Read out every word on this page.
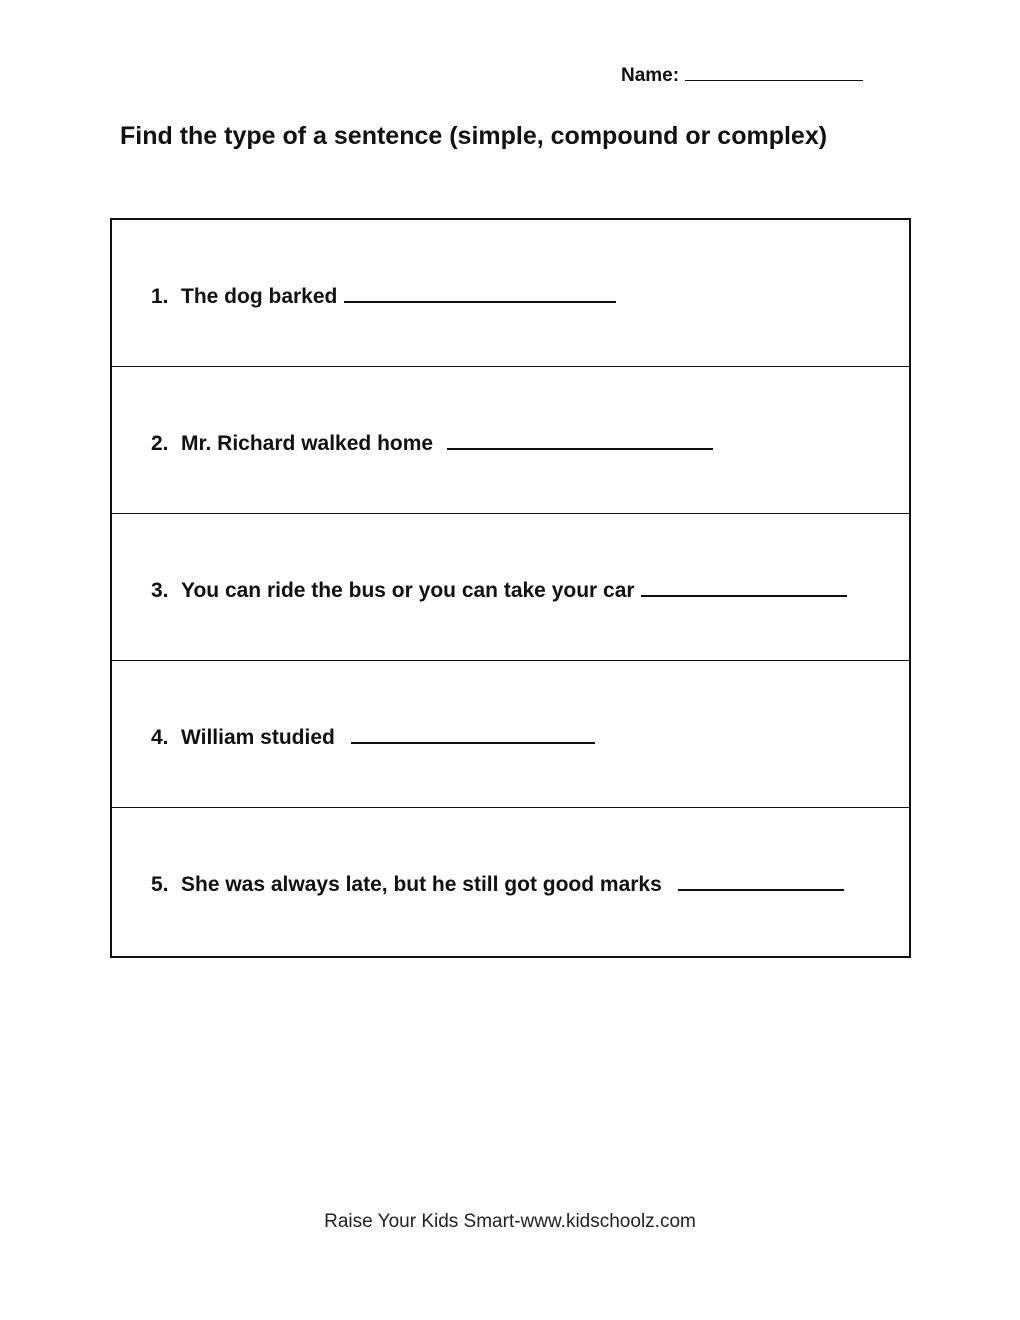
Name:
Find the type of a sentence (simple, compound or complex)
1. The dog barked
2. Mr. Richard walked home
3. You can ride the bus or you can take your car
4. William studied
5. She was always late, but he still got good marks
Raise Your Kids Smart-www.kidschoolz.com
